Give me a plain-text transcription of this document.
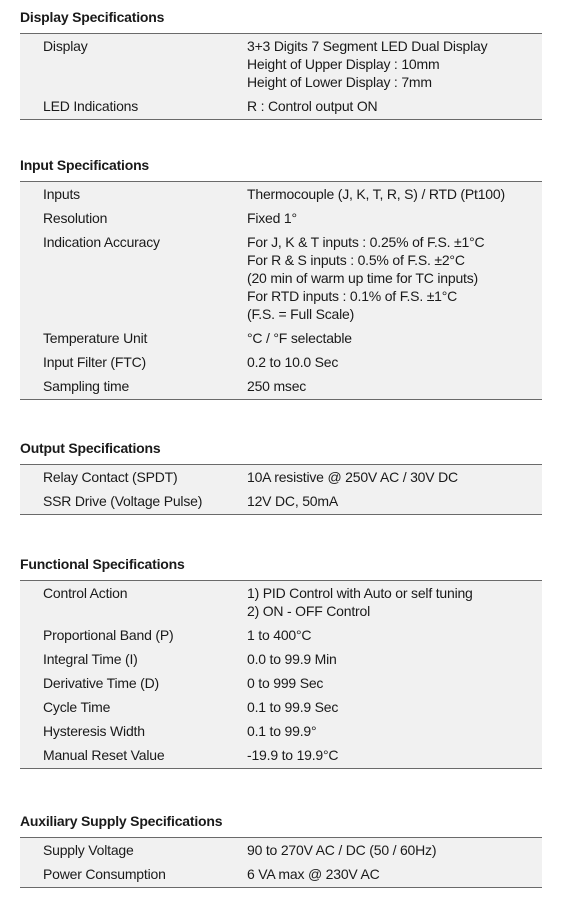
Display Specifications
Display	3+3 Digits 7 Segment LED Dual Display
Height of Upper Display : 10mm
Height of Lower Display : 7mm
LED Indications	R : Control output ON
Input Specifications
Inputs	Thermocouple (J, K, T, R, S) / RTD (Pt100)
Resolution	Fixed 1°
Indication Accuracy	For J, K & T inputs : 0.25% of F.S. ±1°C
For R & S inputs : 0.5% of F.S. ±2°C
(20 min of warm up time for TC inputs)
For RTD inputs : 0.1% of F.S. ±1°C
(F.S. = Full Scale)
Temperature Unit	°C / °F selectable
Input Filter (FTC)	0.2 to 10.0 Sec
Sampling time	250 msec
Output Specifications
Relay Contact (SPDT)	10A resistive @ 250V AC / 30V DC
SSR Drive (Voltage Pulse)	12V DC, 50mA
Functional Specifications
Control Action	1) PID Control with Auto or self tuning
2) ON - OFF Control
Proportional Band (P)	1 to 400°C
Integral Time (I)	0.0 to 99.9 Min
Derivative Time (D)	0 to 999 Sec
Cycle Time	0.1 to 99.9 Sec
Hysteresis Width	0.1 to 99.9°
Manual Reset Value	-19.9 to 19.9°C
Auxiliary Supply Specifications
Supply Voltage	90 to 270V AC / DC (50 / 60Hz)
Power Consumption	6 VA max @ 230V AC
